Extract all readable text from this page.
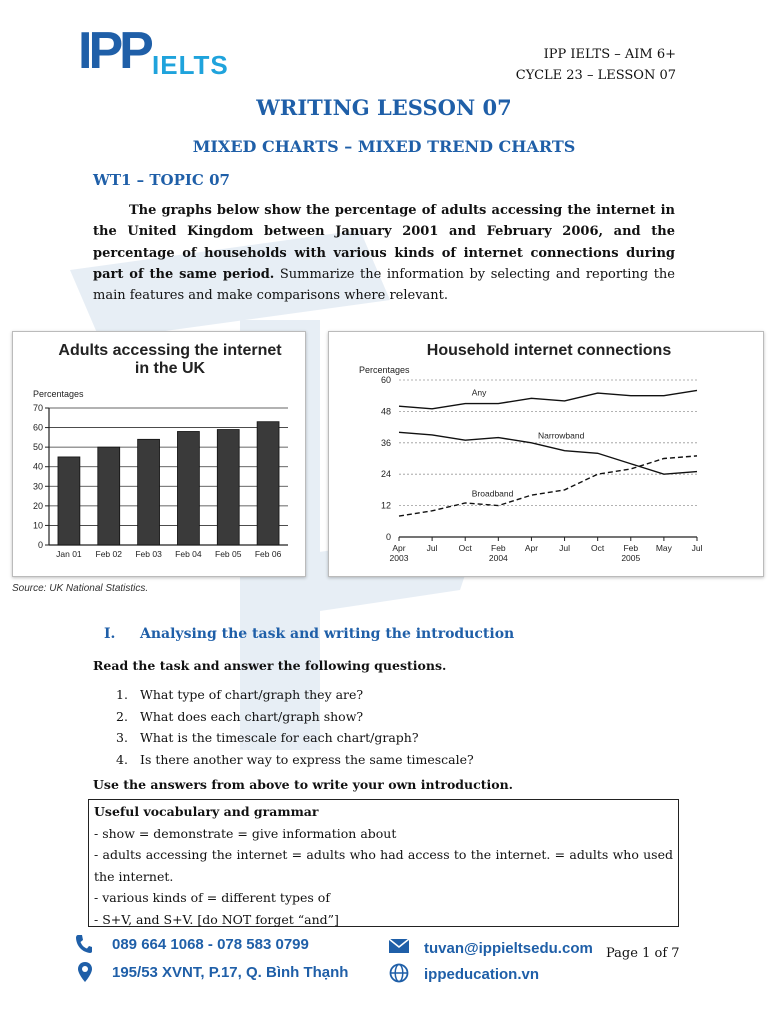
IPP IELTS	IPP IELTS – AIM 6+
CYCLE 23 – LESSON 07
WRITING LESSON 07
MIXED CHARTS – MIXED TREND CHARTS
WT1 – TOPIC 07
The graphs below show the percentage of adults accessing the internet in the United Kingdom between January 2001 and February 2006, and the percentage of households with various kinds of internet connections during part of the same period. Summarize the information by selecting and reporting the main features and make comparisons where relevant.
Adults accessing the internet
in the UK
Percentages
0
10
20
30
40
50
60
70
Jan 01 Feb 02 Feb 03 Feb 04 Feb 05 Feb 06
Household internet connections
Percentages
0
12
24
36
48
60
Apr
2003
Jul Oct Feb
2004
Apr Jul Oct Feb
2005
May Jul
Any
Narrowband
Broadband
Source: UK National Statistics.
I. Analysing the task and writing the introduction
Read the task and answer the following questions.
1. What type of chart/graph they are?
2. What does each chart/graph show?
3. What is the timescale for each chart/graph?
4. Is there another way to express the same timescale?
Use the answers from above to write your own introduction.
Useful vocabulary and grammar
- show = demonstrate = give information about
- adults accessing the internet = adults who had access to the internet. = adults who used the internet.
- various kinds of = different types of
- S+V, and S+V. [do NOT forget “and”]
089 664 1068 - 078 583 0799
195/53 XVNT, P.17, Q. Bình Thạnh
tuvan@ippieltsedu.com
ippeducation.vn
Page 1 of 7
